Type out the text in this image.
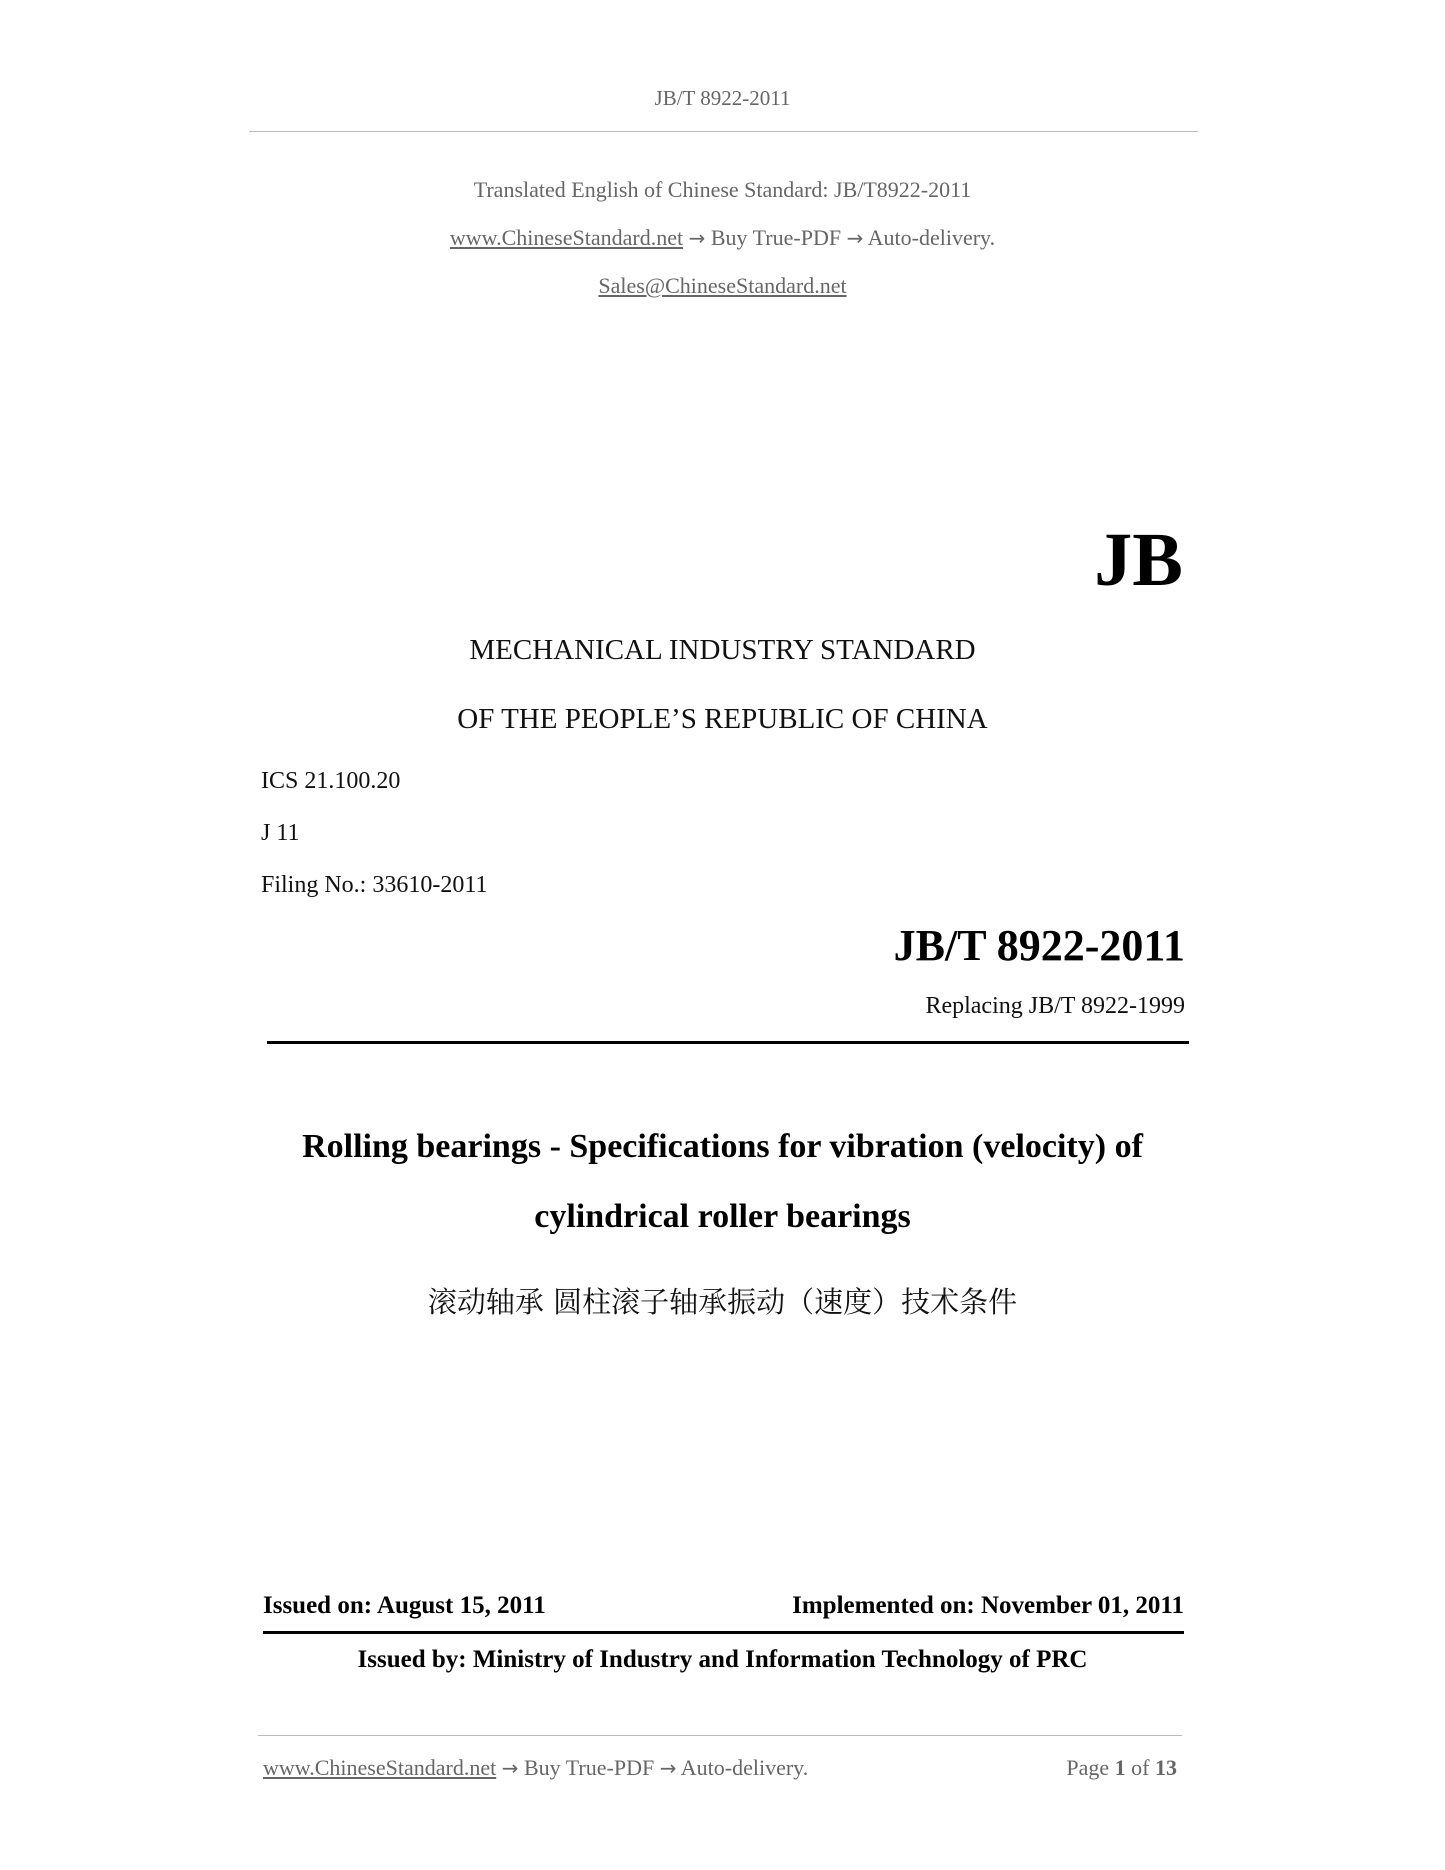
JB/T 8922-2011
Translated English of Chinese Standard: JB/T8922-2011
www.ChineseStandard.net → Buy True-PDF → Auto-delivery.
Sales@ChineseStandard.net
JB
MECHANICAL INDUSTRY STANDARD
OF THE PEOPLE’S REPUBLIC OF CHINA
ICS 21.100.20
J 11
Filing No.: 33610-2011
JB/T 8922-2011
Replacing JB/T 8922-1999
Rolling bearings - Specifications for vibration (velocity) of
cylindrical roller bearings
滚动轴承 圆柱滚子轴承振动（速度）技术条件
Issued on: August 15, 2011	Implemented on: November 01, 2011
Issued by: Ministry of Industry and Information Technology of PRC
www.ChineseStandard.net → Buy True-PDF → Auto-delivery.	Page 1 of 13
